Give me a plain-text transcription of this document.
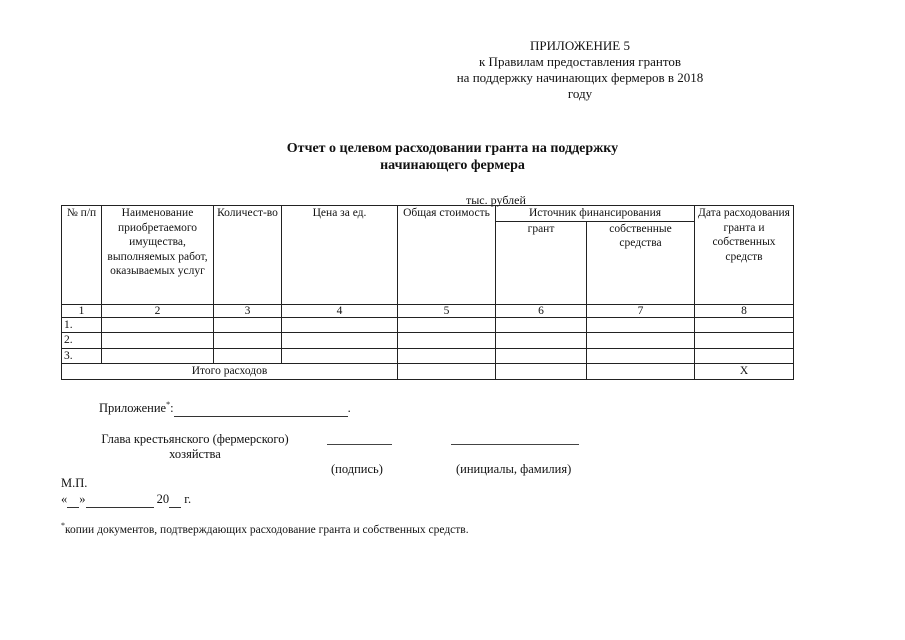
ПРИЛОЖЕНИЕ 5
к Правилам предоставления грантов
на поддержку начинающих фермеров в 2018
году
Отчет о целевом расходовании гранта на поддержку
начинающего фермера
тыс. рублей
№ п/п	Наименование приобретаемого имущества, выполняемых работ, оказываемых услуг	Количест-во	Цена за ед.	Общая стоимость	Источник финансирования		Дата расходования гранта и собственных средств
					грант	собственные средства	
1	2	3	4	5	6	7	8
1.							
2.							
3.							
Итого расходов							X
Приложение*:	.
Глава крестьянского (фермерского)
хозяйства
(подпись)	(инициалы, фамилия)
М.П.
« »	20  г.
*копии документов, подтверждающих расходование гранта и собственных средств.
